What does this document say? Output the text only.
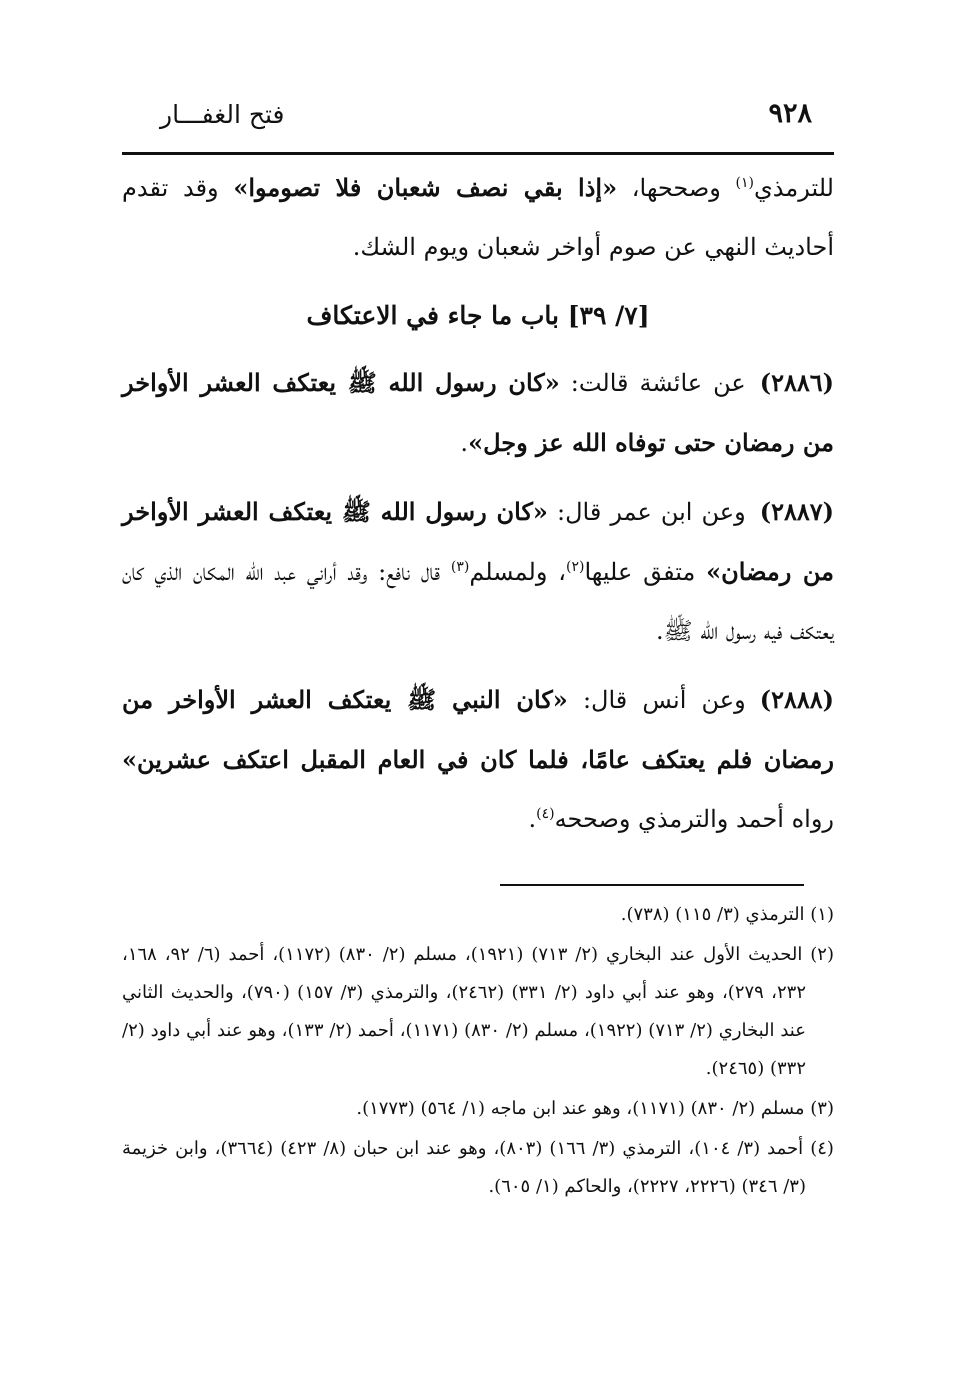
٩٢٨
فتح الغفـــار

للترمذي$^{(١)}$ وصححها، «إذا بقي نصف شعبان فلا تصوموا» وقد تقدم أحاديث النهي عن صوم أواخر شعبان ويوم الشك.

[٧/ ٣٩] باب ما جاء في الاعتكاف

(٢٨٨٦)عن عائشة قالت: «كان رسول الله ﷺ يعتكف العشر الأواخر من رمضان حتى توفاه الله عز وجل».

(٢٨٨٧)وعن ابن عمر قال: «كان رسول الله ﷺ يعتكف العشر الأواخر من رمضان» متفق عليها$^{(٢)}$، ولمسلم$^{(٣)}$ قال نافع: وقد أراني عبد الله المكان الذي كان يعتكف فيه رسول الله ﷺ.

(٢٨٨٨)وعن أنس قال: «كان النبي ﷺ يعتكف العشر الأواخر من رمضان فلم يعتكف عامًا، فلما كان في العام المقبل اعتكف عشرين» رواه أحمد والترمذي وصححه$^{(٤)}$.

(١) الترمذي (٣/ ١١٥) (٧٣٨).

(٢) الحديث الأول عند البخاري (٢/ ٧١٣) (١٩٢١)، مسلم (٢/ ٨٣٠) (١١٧٢)، أحمد (٦/ ٩٢، ١٦٨، ٢٣٢، ٢٧٩)، وهو عند أبي داود (٢/ ٣٣١) (٢٤٦٢)، والترمذي (٣/ ١٥٧) (٧٩٠)، والحديث الثاني عند البخاري (٢/ ٧١٣) (١٩٢٢)، مسلم (٢/ ٨٣٠) (١١٧١)، أحمد (٢/ ١٣٣)، وهو عند أبي داود (٢/ ٣٣٢) (٢٤٦٥).

(٣) مسلم (٢/ ٨٣٠) (١١٧١)، وهو عند ابن ماجه (١/ ٥٦٤) (١٧٧٣).

(٤) أحمد (٣/ ١٠٤)، الترمذي (٣/ ١٦٦) (٨٠٣)، وهو عند ابن حبان (٨/ ٤٢٣) (٣٦٦٤)، وابن خزيمة (٣/ ٣٤٦) (٢٢٢٦، ٢٢٢٧)، والحاكم (١/ ٦٠٥).
